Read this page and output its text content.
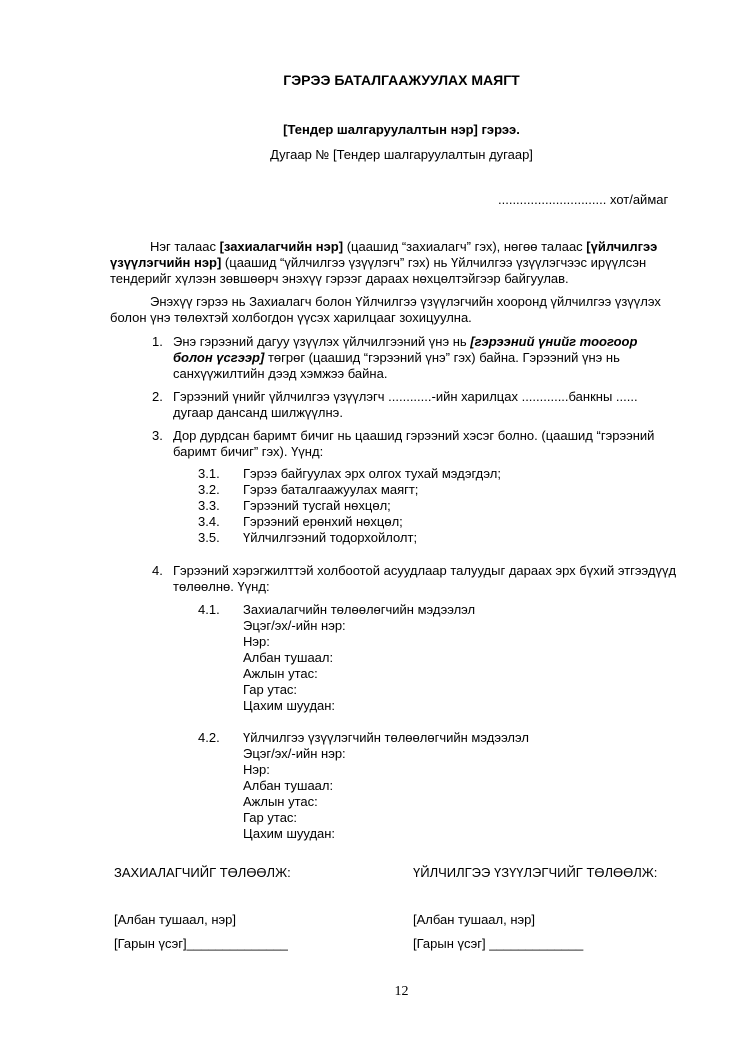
ГЭРЭЭ БАТАЛГААЖУУЛАХ МАЯГТ
[Тендер шалгаруулалтын нэр] гэрээ.
Дугаар № [Тендер шалгаруулалтын дугаар]
.............................. хот/аймаг
Нэг талаас [захиалагчийн нэр] (цаашид “захиалагч” гэх), нөгөө талаас [үйлчилгээ
үзүүлэгчийн нэр] (цаашид “үйлчилгээ үзүүлэгч” гэх) нь Үйлчилгээ үзүүлэгчээс ирүүлсэн
тендерийг хүлээн зөвшөөрч энэхүү гэрээг дараах нөхцөлтэйгээр байгуулав.
Энэхүү гэрээ нь Захиалагч болон Үйлчилгээ үзүүлэгчийн хооронд үйлчилгээ үзүүлэх
болон үнэ төлөхтэй холбогдон үүсэх харилцааг зохицуулна.
1. Энэ гэрээний дагуу үзүүлэх үйлчилгээний үнэ нь [гэрээний үнийг тоогоор
болон үсгээр] төгрөг (цаашид “гэрээний үнэ” гэх) байна. Гэрээний үнэ нь
санхүүжилтийн дээд хэмжээ байна.
2. Гэрээний үнийг үйлчилгээ үзүүлэгч ............-ийн харилцах .............банкны ......
дугаар дансанд шилжүүлнэ.
3. Дор дурдсан баримт бичиг нь цаашид гэрээний хэсэг болно. (цаашид “гэрээний
баримт бичиг” гэх). Үүнд:
3.1. Гэрээ байгуулах эрх олгох тухай мэдэгдэл;
3.2. Гэрээ баталгаажуулах маягт;
3.3. Гэрээний тусгай нөхцөл;
3.4. Гэрээний ерөнхий нөхцөл;
3.5. Үйлчилгээний тодорхойлолт;
4. Гэрээний хэрэгжилттэй холбоотой асуудлаар талуудыг дараах эрх бүхий этгээдүүд
төлөөлнө. Үүнд:
4.1. Захиалагчийн төлөөлөгчийн мэдээлэл
Эцэг/эх/-ийн нэр:
Нэр:
Албан тушаал:
Ажлын утас:
Гар утас:
Цахим шуудан:
4.2. Үйлчилгээ үзүүлэгчийн төлөөлөгчийн мэдээлэл
Эцэг/эх/-ийн нэр:
Нэр:
Албан тушаал:
Ажлын утас:
Гар утас:
Цахим шуудан:
ЗАХИАЛАГЧИЙГ ТӨЛӨӨЛЖ:	ҮЙЛЧИЛГЭЭ ҮЗҮҮЛЭГЧИЙГ ТӨЛӨӨЛЖ:
[Албан тушаал, нэр]	[Албан тушаал, нэр]
[Гарын үсэг]______________	[Гарын үсэг] _____________
12
